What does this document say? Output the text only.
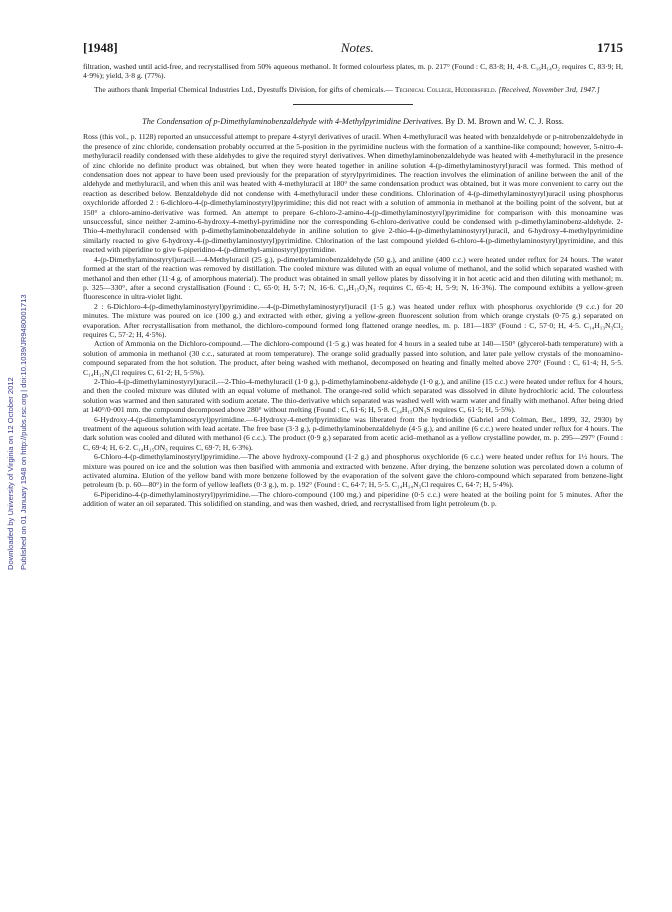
Downloaded by University of Virginia on 12 October 2012 Published on 01 January 1948 on http://pubs.rsc.org | doi:10.1039/JR9480001713
[1948]	Notes.	1715

filtration, washed until acid-free, and recrystallised from 50% aqueous methanol. It formed colourless plates, m. p. 217° (Found : C, 83·8; H, 4·8. C₁₆H₁₄O₂ requires C, 83·9; H, 4·9%); yield, 3·8 g. (77%).

The authors thank Imperial Chemical Industries Ltd., Dyestuffs Division, for gifts of chemicals.— Technical College, Huddersfield. [Received, November 3rd, 1947.]

The Condensation of p-Dimethylaminobenzaldehyde with 4-Methylpyrimidine Derivatives. By D. M. Brown and W. C. J. Ross.

Ross (this vol., p. 1128) reported an unsuccessful attempt to prepare 4-styryl derivatives of uracil. When 4-methyluracil was heated with benzaldehyde or p-nitrobenzaldehyde in the presence of zinc chloride, condensation probably occurred at the 5-position in the pyrimidine nucleus with the formation of a xanthine-like compound; however, 5-nitro-4-methyluracil readily condensed with these aldehydes to give the required styryl derivatives. When dimethylaminobenzaldehyde was heated with 4-methyluracil in the presence of zinc chloride no definite product was obtained, but when they were heated together in aniline solution 4-(p-dimethylaminostyryl)uracil was formed. This method of condensation does not appear to have been used previously for the preparation of styrylpyrimidines. The reaction involves the elimination of aniline between the anil of the aldehyde and methyluracil, and when this anil was heated with 4-methyluracil at 180° the same condensation product was obtained, but it was more convenient to carry out the reaction as described below. Benzaldehyde did not condense with 4-methyluracil under these conditions. Chlorination of 4-(p-dimethylaminostyryl)uracil using phosphorus oxychloride afforded 2 : 6-dichloro-4-(p-dimethylaminostyryl)pyrimidine; this did not react with a solution of ammonia in methanol at the boiling point of the solvent, but at 150° a chloro-amino-derivative was formed. An attempt to prepare 6-chloro-2-amino-4-(p-dimethylaminostyryl)pyrimidine for comparison with this monoamine was unsuccessful, since neither 2-amino-6-hydroxy-4-methyl-pyrimidine nor the corresponding 6-chloro-derivative could be condensed with p-dimethylaminobenz-aldehyde. 2-Thio-4-methyluracil condensed with p-dimethylaminobenzaldehyde in aniline solution to give 2-thio-4-(p-dimethylaminostyryl)uracil, and 6-hydroxy-4-methylpyrimidine similarly reacted to give 6-hydroxy-4-(p-dimethylaminostyryl)pyrimidine. Chlorination of the last compound yielded 6-chloro-4-(p-dimethylaminostyryl)pyrimidine, and this reacted with piperidine to give 6-piperidino-4-(p-dimethyl-aminostyryl)pyrimidine.

4-(p-Dimethylaminostyryl)uracil.—4-Methyluracil (25 g.), p-dimethylaminobenzaldehyde (50 g.), and aniline (400 c.c.) were heated under reflux for 24 hours. The water formed at the start of the reaction was removed by distillation. The cooled mixture was diluted with an equal volume of methanol, and the solid which separated washed with methanol and then ether (11·4 g. of amorphous material). The product was obtained in small yellow plates by dissolving it in hot acetic acid and then diluting with methanol; m. p. 325—330°, after a second crystallisation (Found : C, 65·0; H, 5·7; N, 16·6. C₁₄H₁₅O₂N₃ requires C, 65·4; H, 5·9; N, 16·3%). The compound exhibits a yellow-green fluorescence in ultra-violet light.

2 : 6-Dichloro-4-(p-dimethylaminostyryl)pyrimidine.—4-(p-Dimethylaminostyryl)uracil (1·5 g.) was heated under reflux with phosphorus oxychloride (9 c.c.) for 20 minutes. The mixture was poured on ice (100 g.) and extracted with ether, giving a yellow-green fluorescent solution from which orange crystals (0·75 g.) separated on evaporation. After recrystallisation from methanol, the dichloro-compound formed long flattened orange needles, m. p. 181—183° (Found : C, 57·0; H, 4·5. C₁₄H₁₃N₃Cl₂ requires C, 57·2; H, 4·5%).

Action of Ammonia on the Dichloro-compound.—The dichloro-compound (1·5 g.) was heated for 4 hours in a sealed tube at 140—150° (glycerol-bath temperature) with a solution of ammonia in methanol (30 c.c., saturated at room temperature). The orange solid gradually passed into solution, and later pale yellow crystals of the monoamino-compound separated from the hot solution. The product, after being washed with methanol, decomposed on heating and finally melted above 270° (Found : C, 61·4; H, 5·5. C₁₄H₁₅N₄Cl requires C, 61·2; H, 5·5%).

2-Thio-4-(p-dimethylaminostyryl)uracil.—2-Thio-4-methyluracil (1·0 g.), p-dimethylaminobenz-aldehyde (1·0 g.), and aniline (15 c.c.) were heated under reflux for 4 hours, and then the cooled mixture was diluted with an equal volume of methanol. The orange-red solid which separated was dissolved in dilute hydrochloric acid. The colourless solution was warmed and then saturated with sodium acetate. The thio-derivative which separated was washed well with warm water and finally with methanol. After being dried at 140°/0·001 mm. the compound decomposed above 280° without melting (Found : C, 61·6; H, 5·8. C₁₄H₁₅ON₃S requires C, 61·5; H, 5·5%).

6-Hydroxy-4-(p-dimethylaminostyryl)pyrimidine.—6-Hydroxy-4-methylpyrimidine was liberated from the hydriodide (Gabriel and Colman, Ber., 1899, 32, 2930) by treatment of the aqueous solution with lead acetate. The free base (3·3 g.), p-dimethylaminobenzaldehyde (4·5 g.), and aniline (6 c.c.) were heated under reflux for 4 hours. The dark solution was cooled and diluted with methanol (6 c.c.). The product (0·9 g.) separated from acetic acid–methanol as a yellow crystalline powder, m. p. 295—297° (Found : C, 69·4; H, 6·2. C₁₄H₁₅ON₃ requires C, 69·7; H, 6·3%).

6-Chloro-4-(p-dimethylaminostyryl)pyrimidine.—The above hydroxy-compound (1·2 g.) and phosphorus oxychloride (6 c.c.) were heated under reflux for 1½ hours. The mixture was poured on ice and the solution was then basified with ammonia and extracted with benzene. After drying, the benzene solution was percolated down a column of activated alumina. Elution of the yellow band with more benzene followed by the evaporation of the solvent gave the chloro-compound which separated from benzene-light petroleum (b. p. 60—80°) in the form of yellow leaflets (0·3 g.), m. p. 192° (Found : C, 64·7; H, 5·5. C₁₄H₁₄N₃Cl requires C, 64·7; H, 5·4%).

6-Piperidino-4-(p-dimethylaminostyryl)pyrimidine.—The chloro-compound (100 mg.) and piperidine (0·5 c.c.) were heated at the boiling point for 5 minutes. After the addition of water an oil separated. This solidified on standing, and was then washed, dried, and recrystallised from light petroleum (b. p.
